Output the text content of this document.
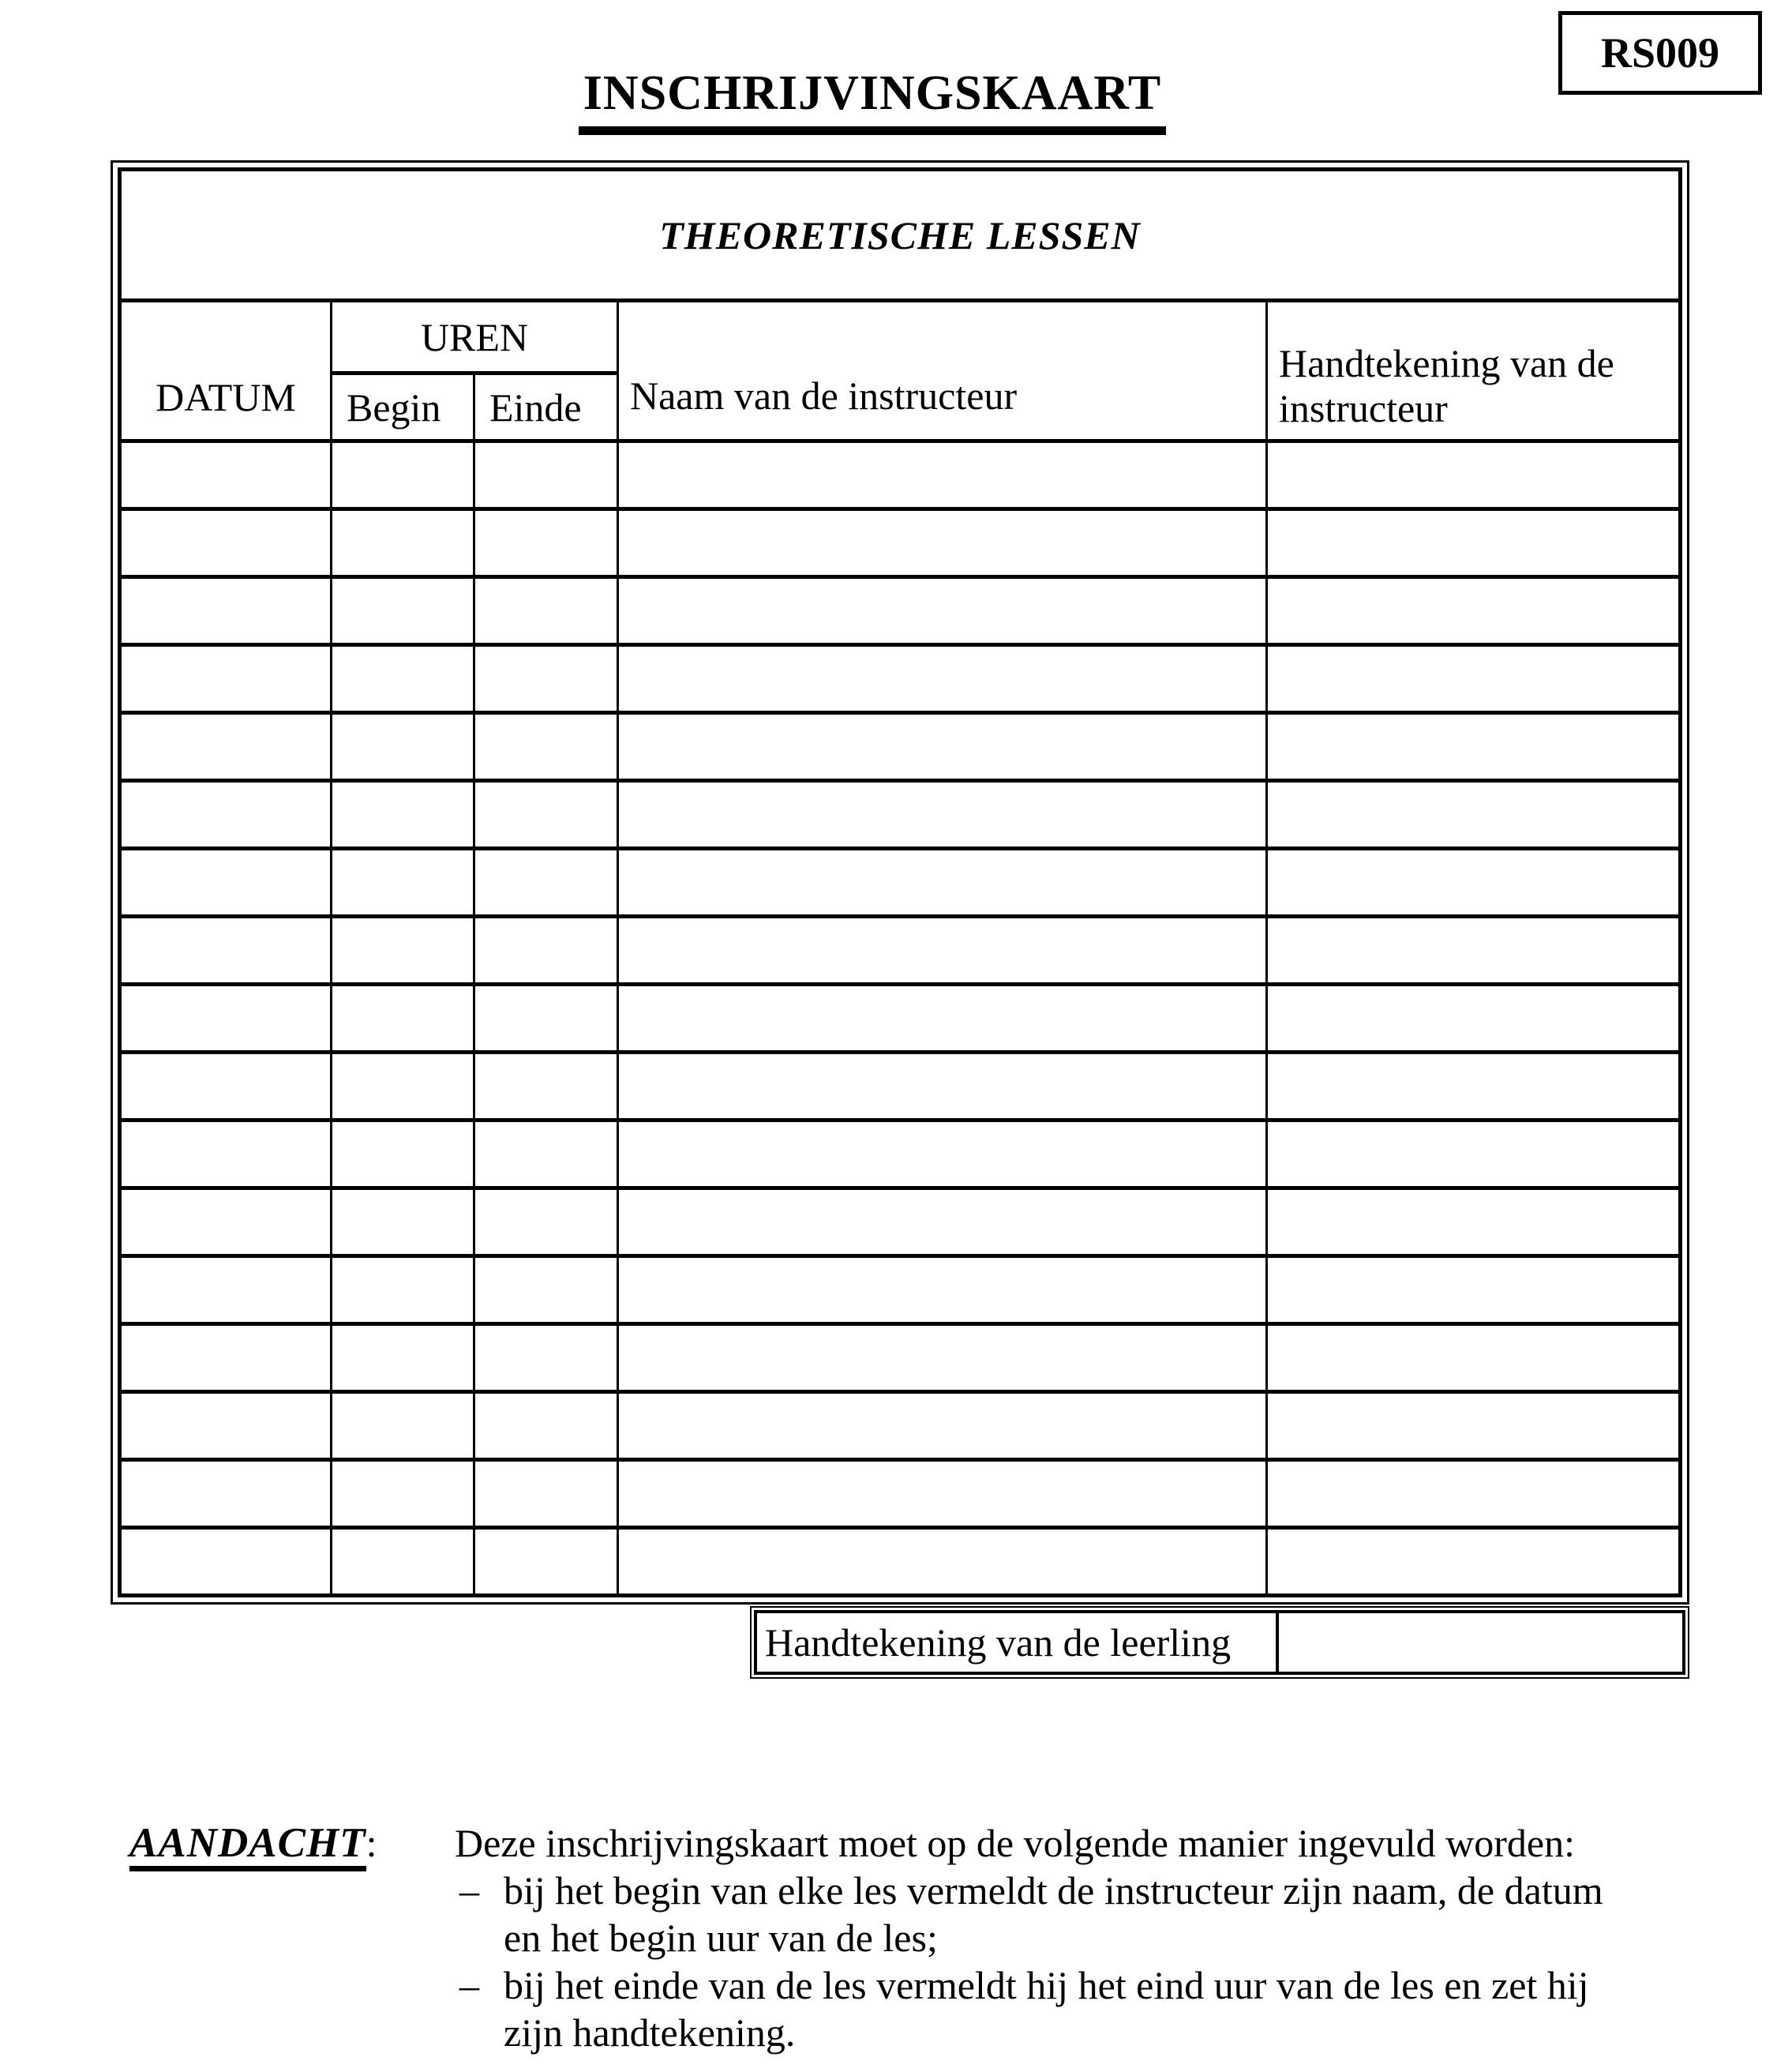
INSCHRIJVINGSKAART
RS009
THEORETISCHE LESSEN				
DATUM	UREN		Naam van de instructeur	Handtekening van de instructeur
	Begin	Einde		

Handtekening van de leerling
AANDACHT:	Deze inschrijvingskaart moet op de volgende manier ingevuld worden:
– bij het begin van elke les vermeldt de instructeur zijn naam, de datum
en het begin uur van de les;
– bij het einde van de les vermeldt hij het eind uur van de les en zet hij
zijn handtekening.
